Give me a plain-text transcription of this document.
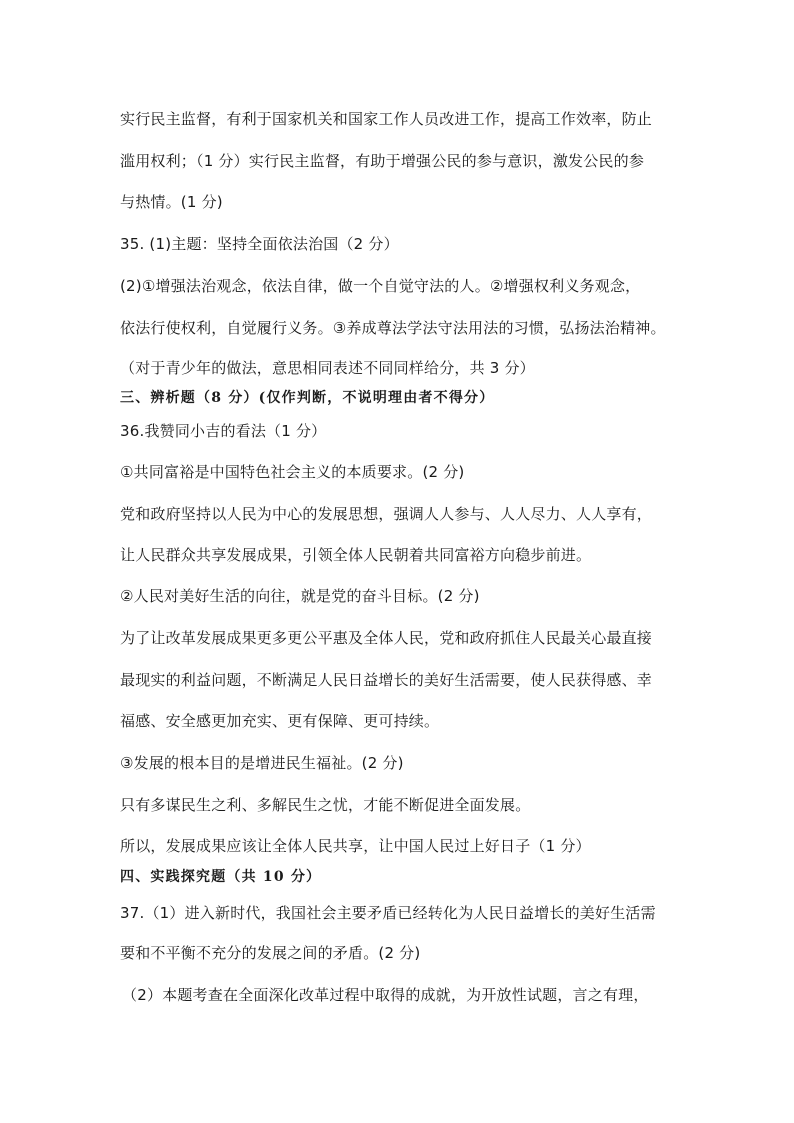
实行民主监督，有利于国家机关和国家工作人员改进工作，提高工作效率，防止
滥用权利；（1 分）实行民主监督，有助于增强公民的参与意识，激发公民的参
与热情。(1 分)
35. (1)主题：坚持全面依法治国（2 分）
(2)①增强法治观念，依法自律，做一个自觉守法的人。②增强权利义务观念，
依法行使权利，自觉履行义务。③养成尊法学法守法用法的习惯，弘扬法治精神。
（对于青少年的做法，意思相同表述不同同样给分，共 3 分）
三、辨析题（8 分）(仅作判断，不说明理由者不得分）
36.我赞同小吉的看法（1 分）
①共同富裕是中国特色社会主义的本质要求。(2 分)
党和政府坚持以人民为中心的发展思想，强调人人参与、人人尽力、人人享有，
让人民群众共享发展成果，引领全体人民朝着共同富裕方向稳步前进。
②人民对美好生活的向往，就是党的奋斗目标。(2 分)
为了让改革发展成果更多更公平惠及全体人民，党和政府抓住人民最关心最直接
最现实的利益问题，不断满足人民日益增长的美好生活需要，使人民获得感、幸
福感、安全感更加充实、更有保障、更可持续。
③发展的根本目的是增进民生福祉。(2 分)
只有多谋民生之利、多解民生之忧，才能不断促进全面发展。
所以，发展成果应该让全体人民共享，让中国人民过上好日子（1 分）
四、实践探究题（共 10 分）
37.（1）进入新时代，我国社会主要矛盾已经转化为人民日益增长的美好生活需
要和不平衡不充分的发展之间的矛盾。(2 分)
（2）本题考查在全面深化改革过程中取得的成就，为开放性试题，言之有理，
